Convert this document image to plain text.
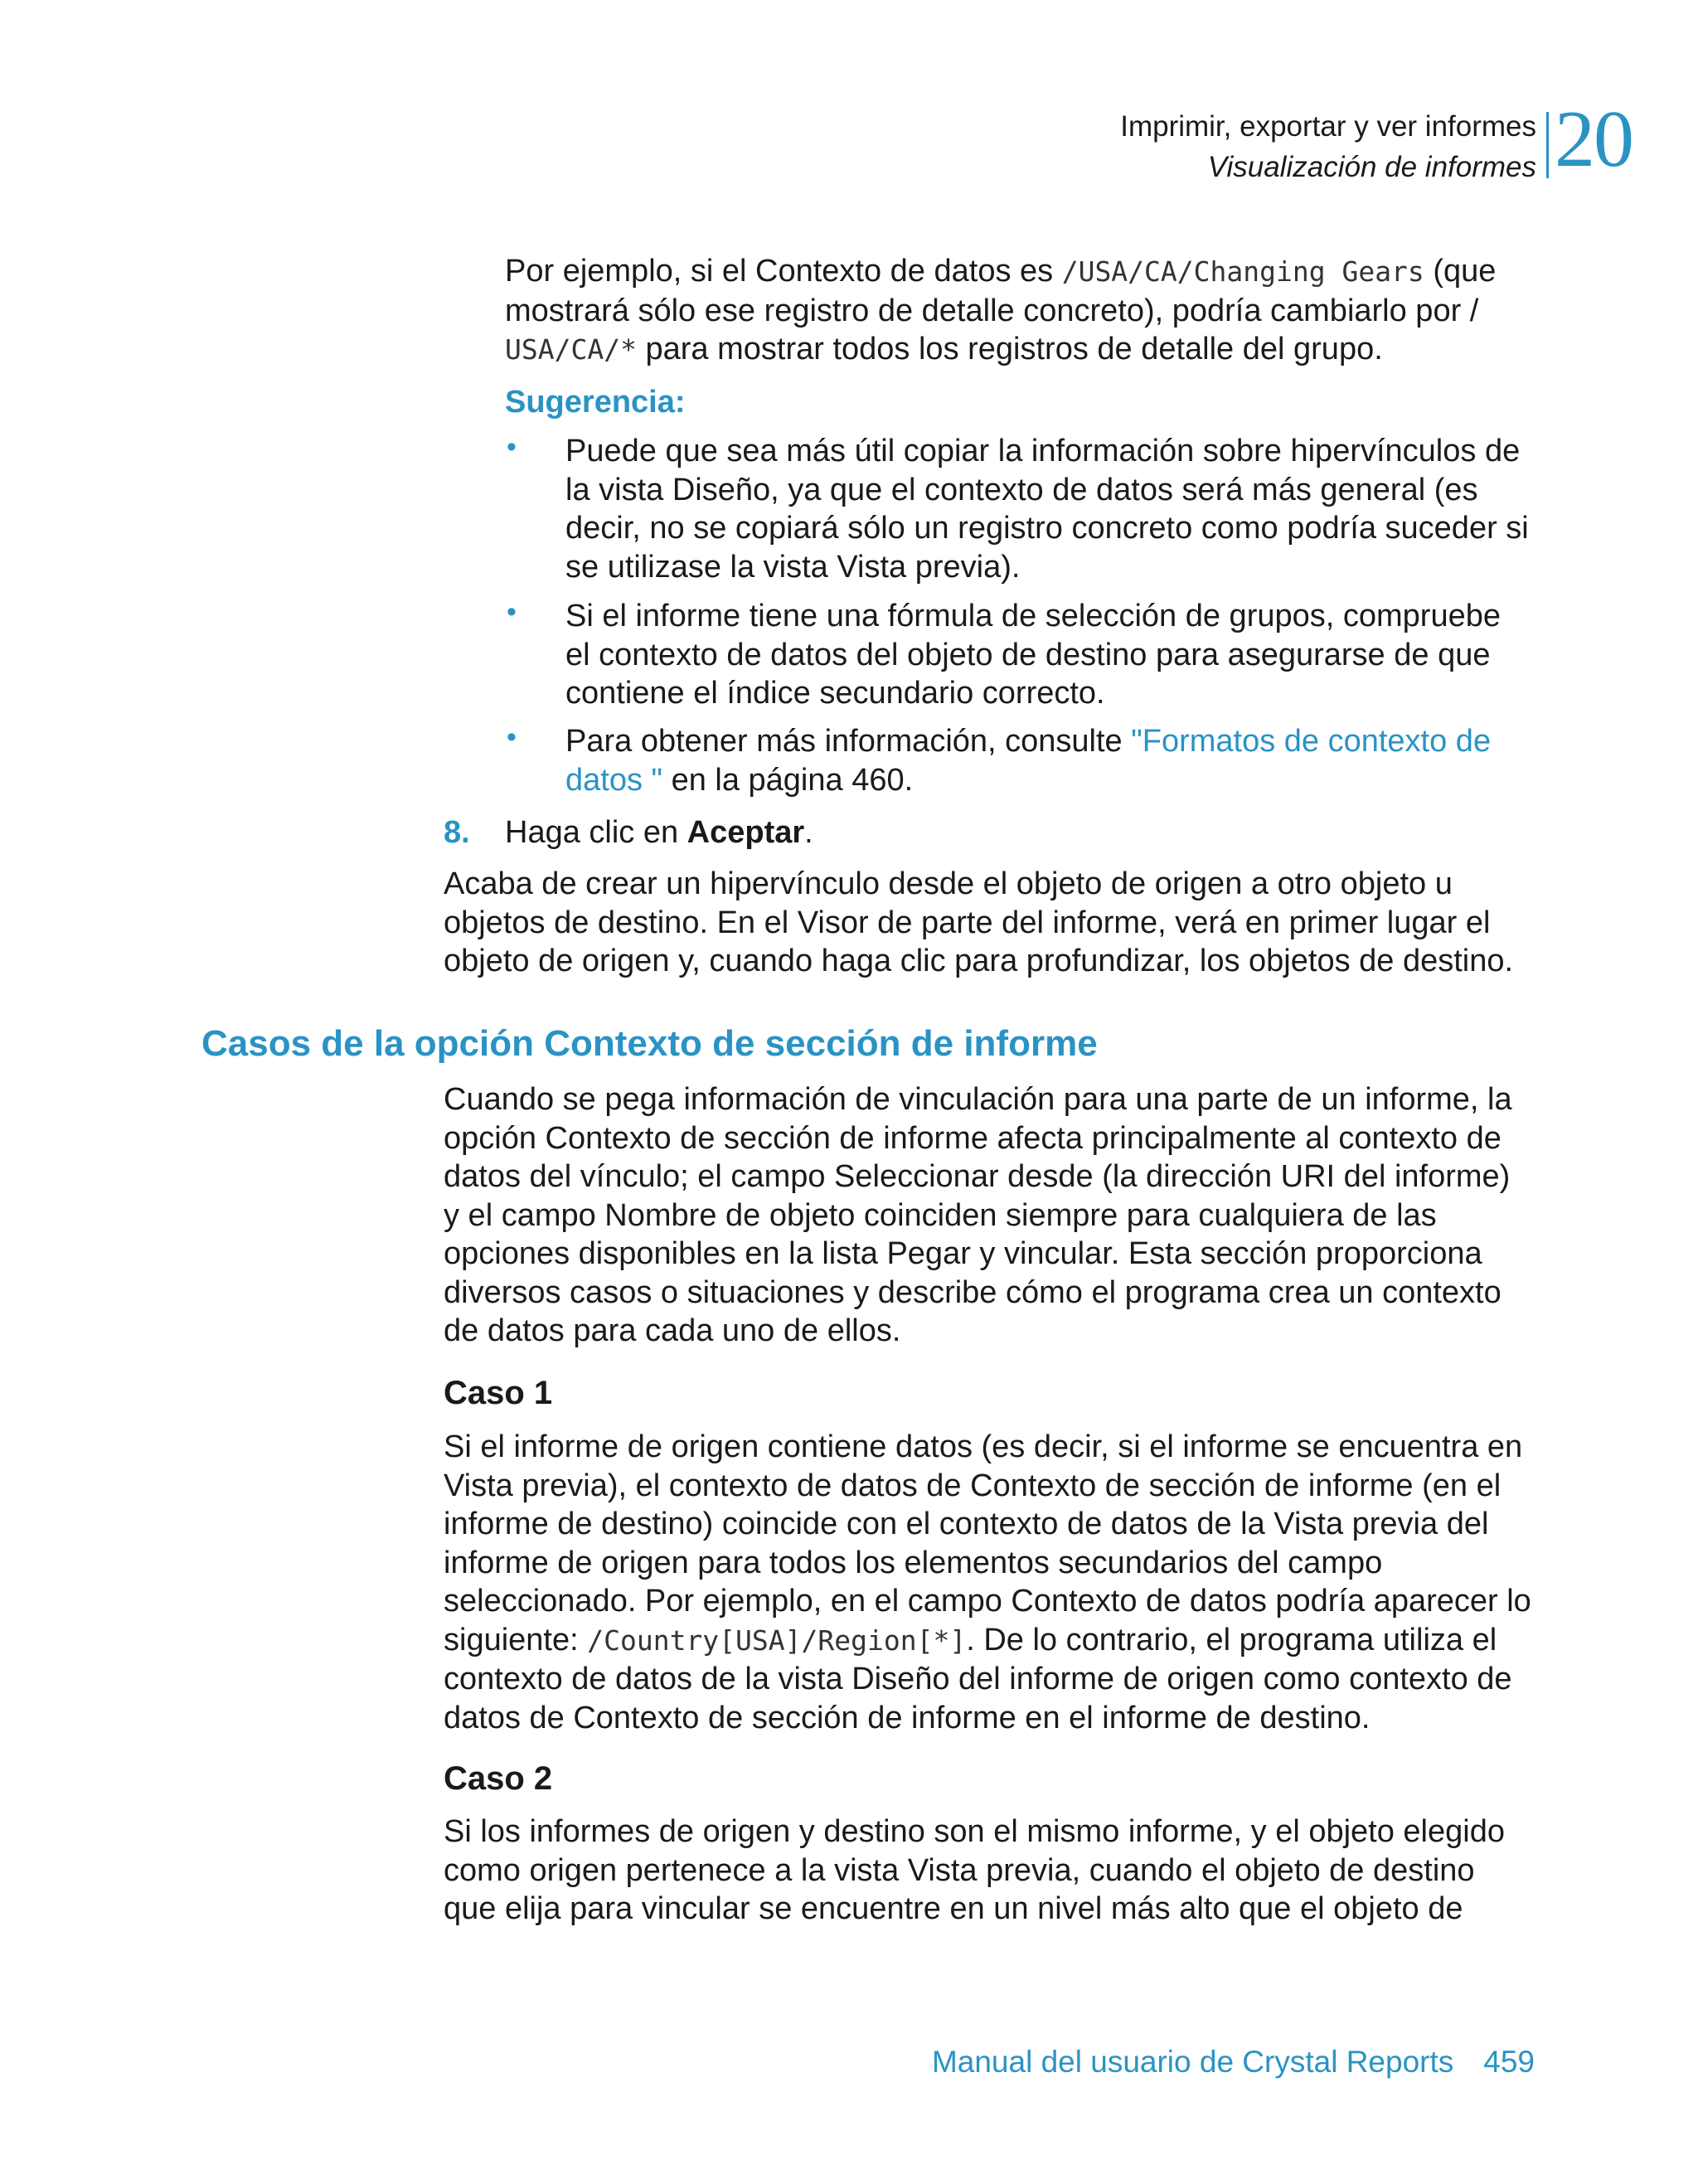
Imprimir, exportar y ver informes
Visualización de informes 20
Por ejemplo, si el Contexto de datos es /USA/CA/Changing Gears (que
mostrará sólo ese registro de detalle concreto), podría cambiarlo por /
USA/CA/* para mostrar todos los registros de detalle del grupo.
Sugerencia:
• Puede que sea más útil copiar la información sobre hipervínculos de
la vista Diseño, ya que el contexto de datos será más general (es
decir, no se copiará sólo un registro concreto como podría suceder si
se utilizase la vista Vista previa).
• Si el informe tiene una fórmula de selección de grupos, compruebe
el contexto de datos del objeto de destino para asegurarse de que
contiene el índice secundario correcto.
• Para obtener más información, consulte "Formatos de contexto de
datos " en la página 460.
8. Haga clic en Aceptar.
Acaba de crear un hipervínculo desde el objeto de origen a otro objeto u
objetos de destino. En el Visor de parte del informe, verá en primer lugar el
objeto de origen y, cuando haga clic para profundizar, los objetos de destino.
Casos de la opción Contexto de sección de informe
Cuando se pega información de vinculación para una parte de un informe, la
opción Contexto de sección de informe afecta principalmente al contexto de
datos del vínculo; el campo Seleccionar desde (la dirección URI del informe)
y el campo Nombre de objeto coinciden siempre para cualquiera de las
opciones disponibles en la lista Pegar y vincular. Esta sección proporciona
diversos casos o situaciones y describe cómo el programa crea un contexto
de datos para cada uno de ellos.
Caso 1
Si el informe de origen contiene datos (es decir, si el informe se encuentra en
Vista previa), el contexto de datos de Contexto de sección de informe (en el
informe de destino) coincide con el contexto de datos de la Vista previa del
informe de origen para todos los elementos secundarios del campo
seleccionado. Por ejemplo, en el campo Contexto de datos podría aparecer lo
siguiente: /Country[USA]/Region[*]. De lo contrario, el programa utiliza el
contexto de datos de la vista Diseño del informe de origen como contexto de
datos de Contexto de sección de informe en el informe de destino.
Caso 2
Si los informes de origen y destino son el mismo informe, y el objeto elegido
como origen pertenece a la vista Vista previa, cuando el objeto de destino
que elija para vincular se encuentre en un nivel más alto que el objeto de
Manual del usuario de Crystal Reports 459
